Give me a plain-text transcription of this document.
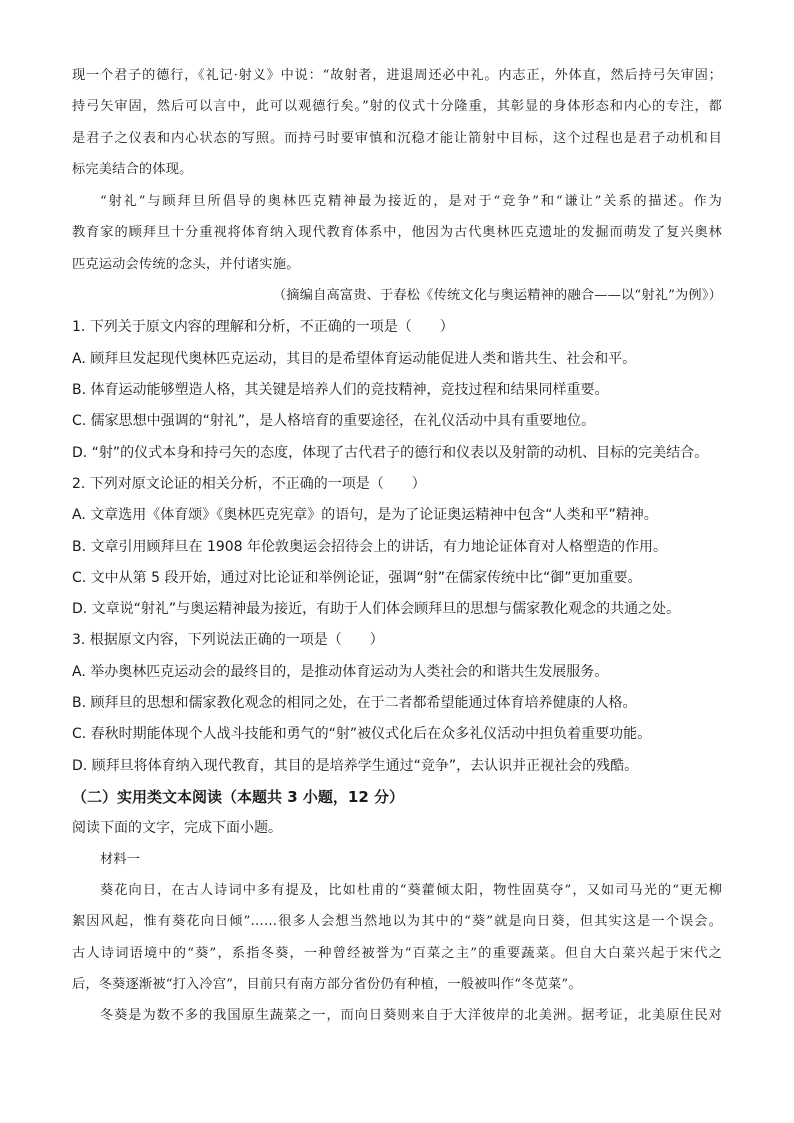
现一个君子的德行，《礼记·射义》中说：“故射者，进退周还必中礼。内志正，外体直，然后持弓矢审固；
持弓矢审固，然后可以言中，此可以观德行矣。”射的仪式十分隆重，其彰显的身体形态和内心的专注，都
是君子之仪表和内心状态的写照。而持弓时要审慎和沉稳才能让箭射中目标，这个过程也是君子动机和目
标完美结合的体现。
“射礼”与顾拜旦所倡导的奥林匹克精神最为接近的，是对于“竞争”和“谦让”关系的描述。作为
教育家的顾拜旦十分重视将体育纳入现代教育体系中，他因为古代奥林匹克遗址的发掘而萌发了复兴奥林
匹克运动会传统的念头，并付诸实施。
（摘编自高富贵、于春松《传统文化与奥运精神的融合——以“射礼”为例》）
1. 下列关于原文内容的理解和分析，不正确的一项是（　　）
A. 顾拜旦发起现代奥林匹克运动，其目的是希望体育运动能促进人类和谐共生、社会和平。
B. 体育运动能够塑造人格，其关键是培养人们的竞技精神，竞技过程和结果同样重要。
C. 儒家思想中强调的“射礼”，是人格培育的重要途径，在礼仪活动中具有重要地位。
D. “射”的仪式本身和持弓矢的态度，体现了古代君子的德行和仪表以及射箭的动机、目标的完美结合。
2. 下列对原文论证的相关分析，不正确的一项是（　　）
A. 文章选用《体育颂》《奥林匹克宪章》的语句，是为了论证奥运精神中包含“人类和平”精神。
B. 文章引用顾拜旦在 1908 年伦敦奥运会招待会上的讲话，有力地论证体育对人格塑造的作用。
C. 文中从第 5 段开始，通过对比论证和举例论证，强调“射”在儒家传统中比“御”更加重要。
D. 文章说“射礼”与奥运精神最为接近，有助于人们体会顾拜旦的思想与儒家教化观念的共通之处。
3. 根据原文内容，下列说法正确的一项是（　　）
A. 举办奥林匹克运动会的最终目的，是推动体育运动为人类社会的和谐共生发展服务。
B. 顾拜旦的思想和儒家教化观念的相同之处，在于二者都希望能通过体育培养健康的人格。
C. 春秋时期能体现个人战斗技能和勇气的“射”被仪式化后在众多礼仪活动中担负着重要功能。
D. 顾拜旦将体育纳入现代教育，其目的是培养学生通过“竞争”，去认识并正视社会的残酷。
（二）实用类文本阅读（本题共 3 小题，12 分）
阅读下面的文字，完成下面小题。
材料一
葵花向日，在古人诗词中多有提及，比如杜甫的“葵藿倾太阳，物性固莫夺”，又如司马光的“更无柳
絮因风起，惟有葵花向日倾”……很多人会想当然地以为其中的“葵”就是向日葵，但其实这是一个误会。
古人诗词语境中的“葵”，系指冬葵，一种曾经被誉为“百菜之主”的重要蔬菜。但自大白菜兴起于宋代之
后，冬葵逐渐被“打入冷宫”，目前只有南方部分省份仍有种植，一般被叫作“冬苋菜”。
冬葵是为数不多的我国原生蔬菜之一，而向日葵则来自于大洋彼岸的北美洲。据考证，北美原住民对
